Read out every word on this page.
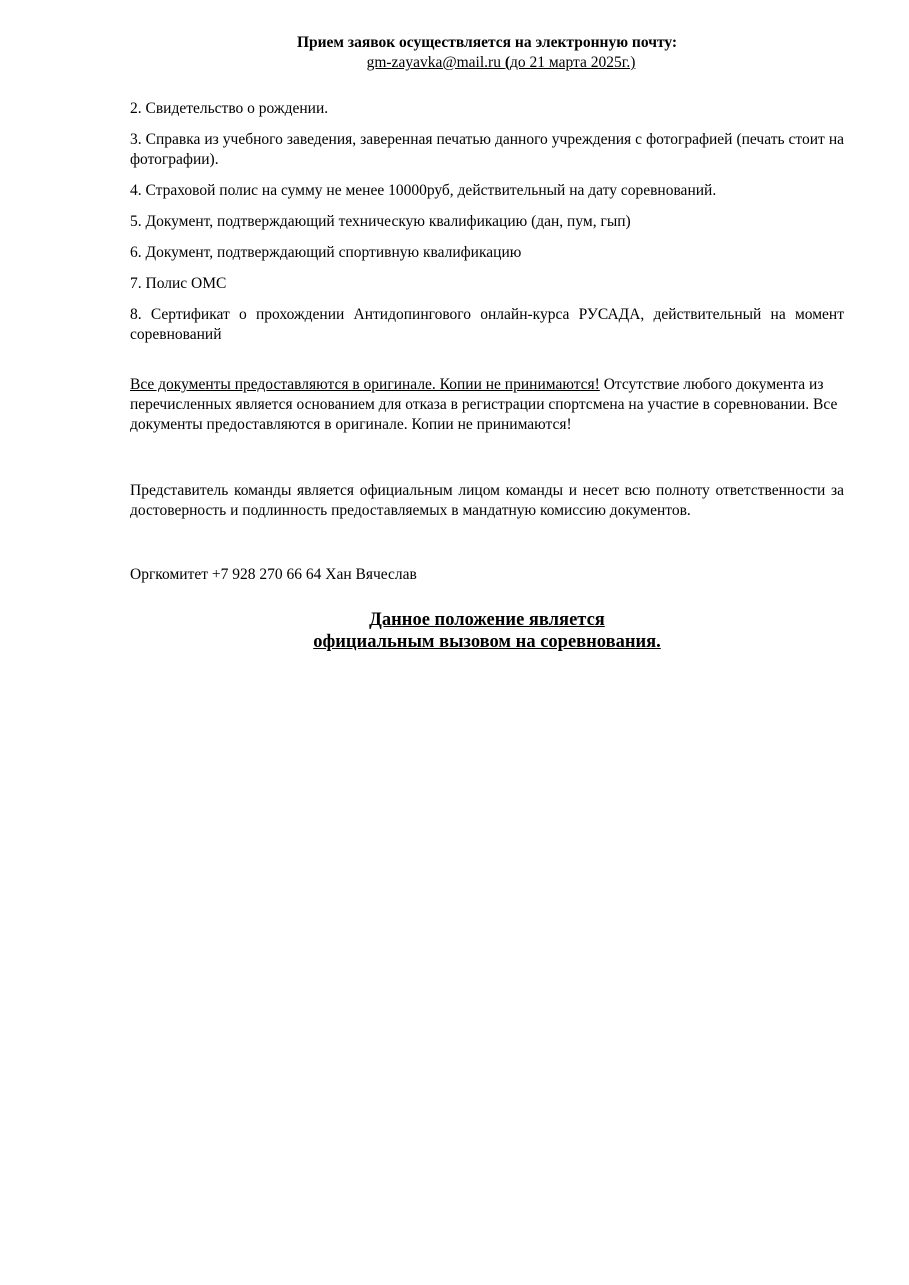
Прием заявок осуществляется на электронную почту:
gm-zayavka@mail.ru (до 21 марта 2025г.)

2. Свидетельство о рождении.

3. Справка из учебного заведения, заверенная печатью данного учреждения с фотографией (печать стоит на фотографии).

4. Страховой полис на сумму не менее 10000руб, действительный на дату соревнований.

5. Документ, подтверждающий техническую квалификацию (дан, пум, гып)

6. Документ, подтверждающий спортивную квалификацию

7. Полис ОМС

8. Сертификат о прохождении Антидопингового онлайн-курса РУСАДА, действительный на момент соревнований

Все документы предоставляются в оригинале. Копии не принимаются! Отсутствие любого документа из перечисленных является основанием для отказа в регистрации спортсмена на участие в соревновании. Все документы предоставляются в оригинале. Копии не принимаются!

Представитель команды является официальным лицом команды и несет всю полноту ответственности за достоверность и подлинность предоставляемых в мандатную комиссию документов.

Оргкомитет +7 928 270 66 64 Хан Вячеслав

Данное положение является
официальным вызовом на соревнования.
